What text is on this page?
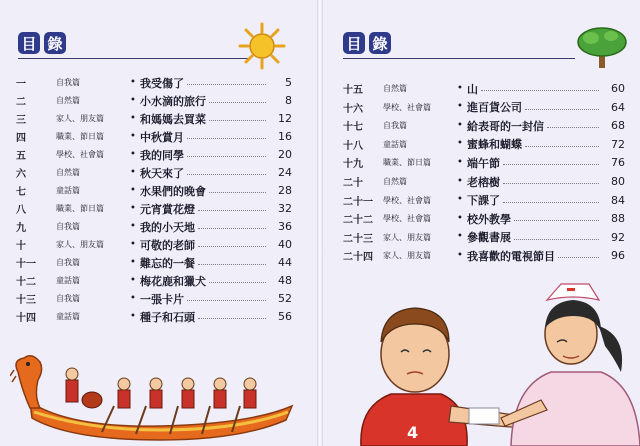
目 錄
一	自我篇	• 我受傷了	5
二	自然篇	• 小水滴的旅行	8
三	家人、朋友篇	• 和媽媽去買菜	12
四	職業、節日篇	• 中秋賞月	16
五	學校、社會篇	• 我的同學	20
六	自然篇	• 秋天來了	24
七	童話篇	• 水果們的晚會	28
八	職業、節日篇	• 元宵賞花燈	32
九	自我篇	• 我的小天地	36
十	家人、朋友篇	• 可敬的老師	40
十一	自我篇	• 難忘的一餐	44
十二	童話篇	• 梅花鹿和獵犬	48
十三	自我篇	• 一張卡片	52
十四	童話篇	• 種子和石頭	56
目 錄
十五	自然篇	• 山	60
十六	學校、社會篇	• 進百貨公司	64
十七	自我篇	• 給表哥的一封信	68
十八	童話篇	• 蜜蜂和蝴蝶	72
十九	職業、節日篇	• 端午節	76
二十	自然篇	• 老榕樹	80
二十一	學校、社會篇	• 下課了	84
二十二	學校、社會篇	• 校外教學	88
二十三	家人、朋友篇	• 參觀書展	92
二十四	家人、朋友篇	• 我喜歡的電視節目	96
4
